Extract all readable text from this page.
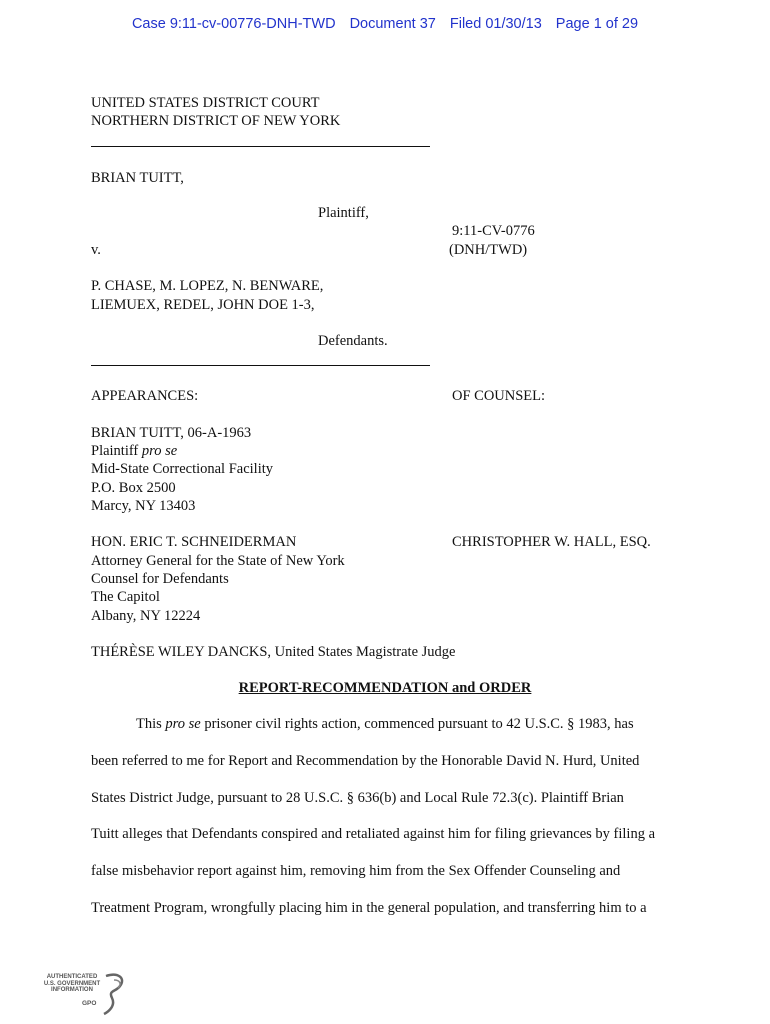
Case 9:11-cv-00776-DNH-TWD Document 37 Filed 01/30/13 Page 1 of 29
UNITED STATES DISTRICT COURT
NORTHERN DISTRICT OF NEW YORK
BRIAN TUITT,
Plaintiff,
9:11-CV-0776
v.	(DNH/TWD)
P. CHASE, M. LOPEZ, N. BENWARE,
LIEMUEX, REDEL, JOHN DOE 1-3,
Defendants.
APPEARANCES:	OF COUNSEL:
BRIAN TUITT, 06-A-1963
Plaintiff pro se
Mid-State Correctional Facility
P.O. Box 2500
Marcy, NY 13403
HON. ERIC T. SCHNEIDERMAN	CHRISTOPHER W. HALL, ESQ.
Attorney General for the State of New York
Counsel for Defendants
The Capitol
Albany, NY 12224
THÉRÈSE WILEY DANCKS, United States Magistrate Judge
REPORT-RECOMMENDATION and ORDER
This pro se prisoner civil rights action, commenced pursuant to 42 U.S.C. § 1983, has
been referred to me for Report and Recommendation by the Honorable David N. Hurd, United
States District Judge, pursuant to 28 U.S.C. § 636(b) and Local Rule 72.3(c). Plaintiff Brian
Tuitt alleges that Defendants conspired and retaliated against him for filing grievances by filing a
false misbehavior report against him, removing him from the Sex Offender Counseling and
Treatment Program, wrongfully placing him in the general population, and transferring him to a
AUTHENTICATED
U.S. GOVERNMENT
INFORMATION
GPO
